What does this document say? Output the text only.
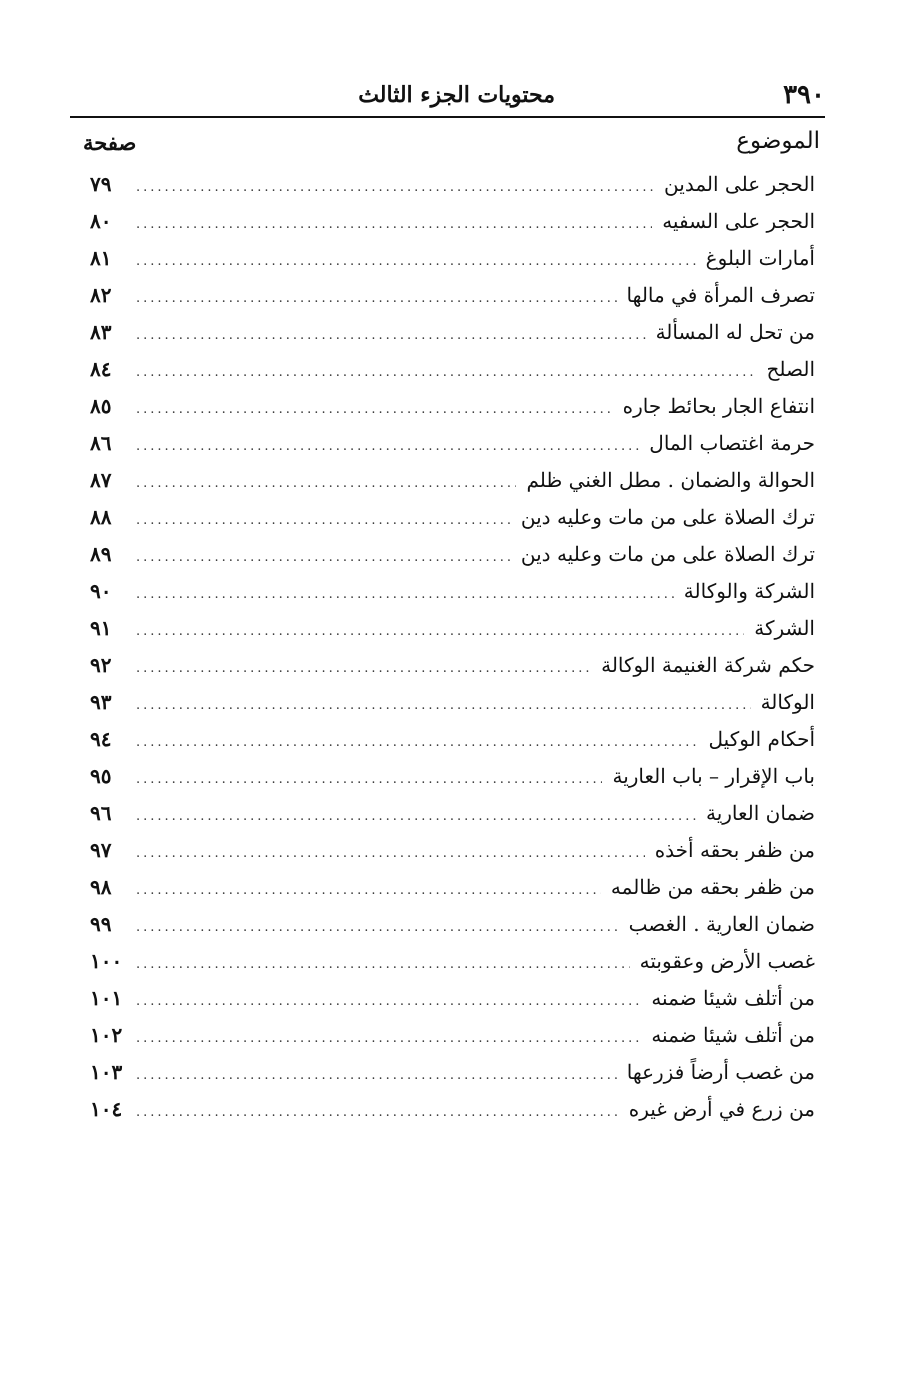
٣٩٠
محتويات الجزء الثالث
الموضوع
صفحة
الحجر على المدين
.....
٧٩
الحجر على السفيه
.....
٨٠
أمارات البلوغ
.....
٨١
تصرف المرأة في مالها
.....
٨٢
من تحل له المسألة
.....
٨٣
الصلح
.....
٨٤
انتفاع الجار بحائط جاره
.....
٨٥
حرمة اغتصاب المال
.....
٨٦
الحوالة والضمان . مطل الغني ظلم
.....
٨٧
ترك الصلاة على من مات وعليه دين
.....
٨٨
ترك الصلاة على من مات وعليه دين
.....
٨٩
الشركة والوكالة
.....
٩٠
الشركة
.....
٩١
حكم شركة الغنيمة الوكالة
.....
٩٢
الوكالة
.....
٩٣
أحكام الوكيل
.....
٩٤
باب الإقرار – باب العارية
.....
٩٥
ضمان العارية
.....
٩٦
من ظفر بحقه أخذه
.....
٩٧
من ظفر بحقه من ظالمه
.....
٩٨
ضمان العارية . الغصب
.....
٩٩
غصب الأرض وعقوبته
.....
١٠٠
من أتلف شيئا ضمنه
.....
١٠١
من أتلف شيئا ضمنه
.....
١٠٢
من غصب أرضاً فزرعها
.....
١٠٣
من زرع في أرض غيره
.....
١٠٤
